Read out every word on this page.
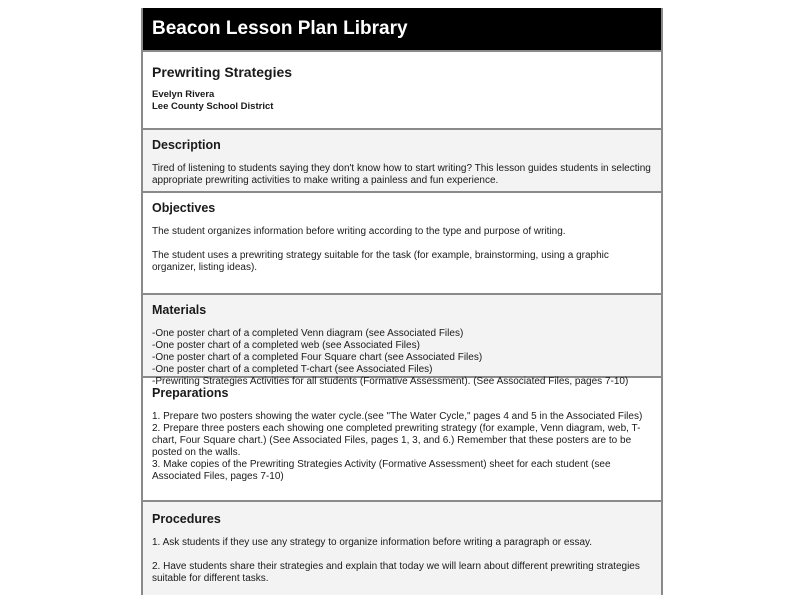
Beacon Lesson Plan Library
Prewriting Strategies
Evelyn Rivera
Lee County School District
Description

Tired of listening to students saying they don't know how to start writing? This lesson guides students in selecting appropriate prewriting activities to make writing a painless and fun experience.

Objectives

The student organizes information before writing according to the type and purpose of writing.

The student uses a prewriting strategy suitable for the task (for example, brainstorming, using a graphic organizer, listing ideas).

Materials
-One poster chart of a completed Venn diagram (see Associated Files)
-One poster chart of a completed web (see Associated Files)
-One poster chart of a completed Four Square chart (see Associated Files)
-One poster chart of a completed T-chart (see Associated Files)
-Prewriting Strategies Activities for all students (Formative Assessment). (See Associated Files, pages 7-10)
Preparations
1. Prepare two posters showing the water cycle.(see "The Water Cycle," pages 4 and 5 in the Associated Files)
2. Prepare three posters each showing one completed prewriting strategy (for example, Venn diagram, web, T-chart, Four Square chart.) (See Associated Files, pages 1, 3, and 6.) Remember that these posters are to be posted on the walls.
3. Make copies of the Prewriting Strategies Activity (Formative Assessment) sheet for each student (see Associated Files, pages 7-10)
Procedures

1. Ask students if they use any strategy to organize information before writing a paragraph or essay.

2. Have students share their strategies and explain that today we will learn about different prewriting strategies suitable for different tasks.
